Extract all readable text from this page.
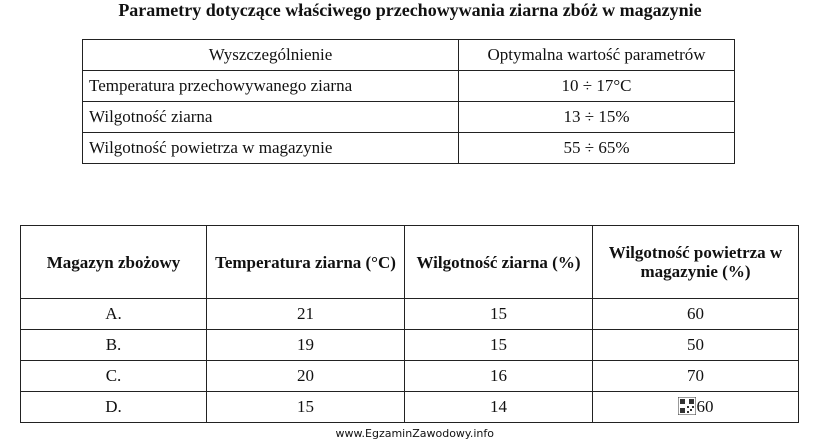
Parametry dotyczące właściwego przechowywania ziarna zbóż w magazynie
Wyszczególnienie	Optymalna wartość parametrów
Temperatura przechowywanego ziarna	10 ÷ 17°C
Wilgotność ziarna	13 ÷ 15%
Wilgotność powietrza w magazynie	55 ÷ 65%
Magazyn zbożowy	Temperatura ziarna (°C)	Wilgotność ziarna (%)	Wilgotność powietrza w magazynie (%)
A.	21	15	60
B.	19	15	50
C.	20	16	70
D.	15	14	60
www.EgzaminZawodowy.info
